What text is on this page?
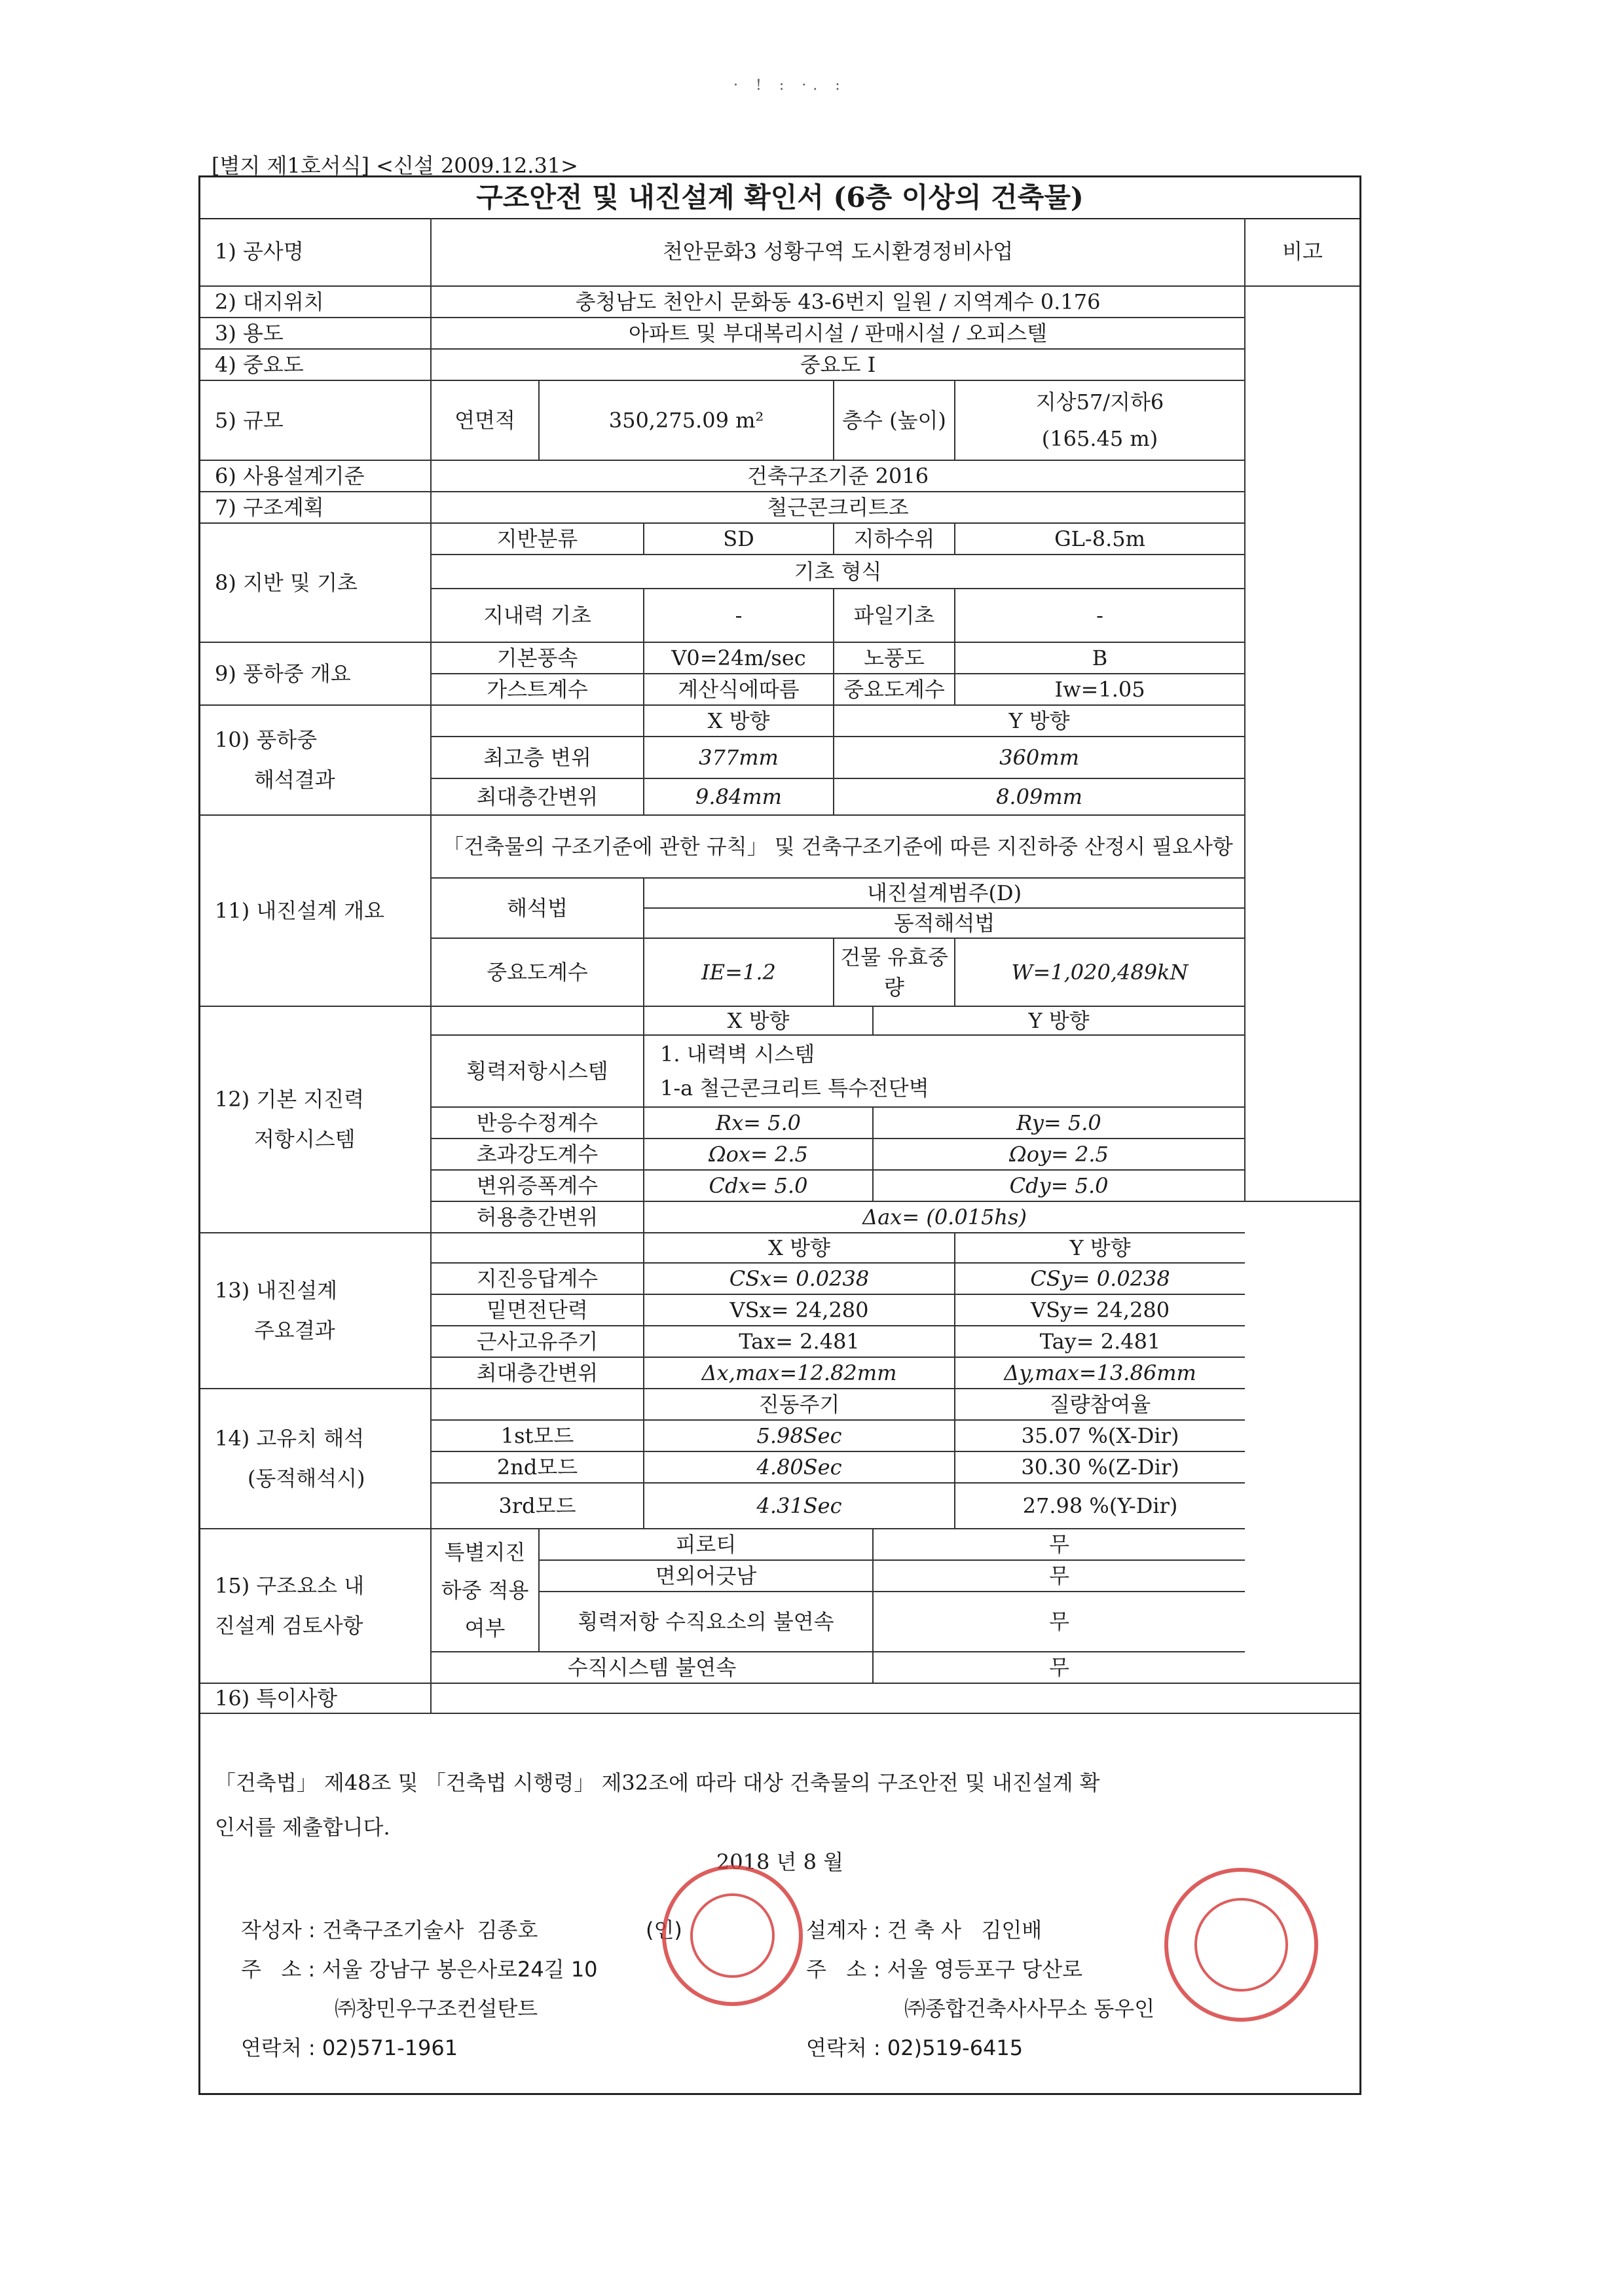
· ! : ·. :
[별지 제1호서식] <신설 2009.12.31>
구조안전 및 내진설계 확인서 (6층 이상의 건축물)
1) 공사명	천안문화3 성황구역 도시환경정비사업						비고
2) 대지위치	충청남도 천안시 문화동 43-6번지 일원 / 지역계수 0.176						
3) 용도	아파트 및 부대복리시설 / 판매시설 / 오피스텔						
4) 중요도	중요도 I						
5) 규모	연면적	350,275.09 m²		층수 (높이)		지상57/지하6
(165.45 m)	

6) 사용설계기준	건축구조기준 2016						
7) 구조계획	철근콘크리트조						
8) 지반 및 기초	지반분류		SD	지하수위		GL-8.5m	
	기초 형식						
	지내력 기초		-	파일기초		-	
9) 풍하중 개요	기본풍속		V0=24m/sec	노풍도		B	
	가스트계수		계산식에따름	중요도계수		Iw=1.05	
10) 풍하중
해석결과			X 방향	Y 방향			
	최고층 변위		377mm	360mm			
	최대층간변위		9.84mm	8.09mm			
11) 내진설계 개요	「건축물의 구조기준에 관한 규칙」 및 건축구조기준에 따른 지진하중 산정시 필요사항						
	해석법		내진설계범주(D)				
			동적해석법				
	중요도계수		IE=1.2	건물 유효중량		W=1,020,489kN	
12) 기본 지진력
저항시스템			X 방향		Y 방향		
	횡력저항시스템		1. 내력벽 시스템
1-a 철근콘크리트 특수전단벽				

	반응수정계수		Rx= 5.0		Ry= 5.0		
	초과강도계수		Ωox= 2.5		Ωoy= 2.5		
	변위증폭계수		Cdx= 5.0		Cdy= 5.0		
	허용층간변위		Δax= (0.015hs)				
13) 내진설계
주요결과			X 방향			Y 방향	
	지진응답계수		CSx= 0.0238			CSy= 0.0238	
	밑면전단력		VSx= 24,280			VSy= 24,280	
	근사고유주기		Tax= 2.481			Tay= 2.481	
	최대층간변위		Δx,max=12.82mm			Δy,max=13.86mm	
14) 고유치 해석
(동적해석시)			진동주기			질량참여율	
	1st모드		5.98Sec			35.07 %(X-Dir)	
	2nd모드		4.80Sec			30.30 %(Z-Dir)	
	3rd모드		4.31Sec			27.98 %(Y-Dir)	
15) 구조요소 내
진설계 검토사항	특별지진 하중 적용 여부	피로티			무		
		면외어긋남			무		
		횡력저항 수직요소의 불연속			무		
	수직시스템 불연속				무		
16) 특이사항							
「건축법」 제48조 및 「건축법 시행령」 제32조에 따라 대상 건축물의 구조안전 및 내진설계 확
인서를 제출합니다.
2018 년 8 월
작성자 : 건축구조기술사  김종호	(인)
주   소 : 서울 강남구 봉은사로24길 10
㈜창민우구조컨설탄트
연락처 : 02)571-1961
설계자 : 건 축 사   김인배
주   소 : 서울 영등포구 당산로
㈜종합건축사사무소 동우인
연락처 : 02)519-6415
